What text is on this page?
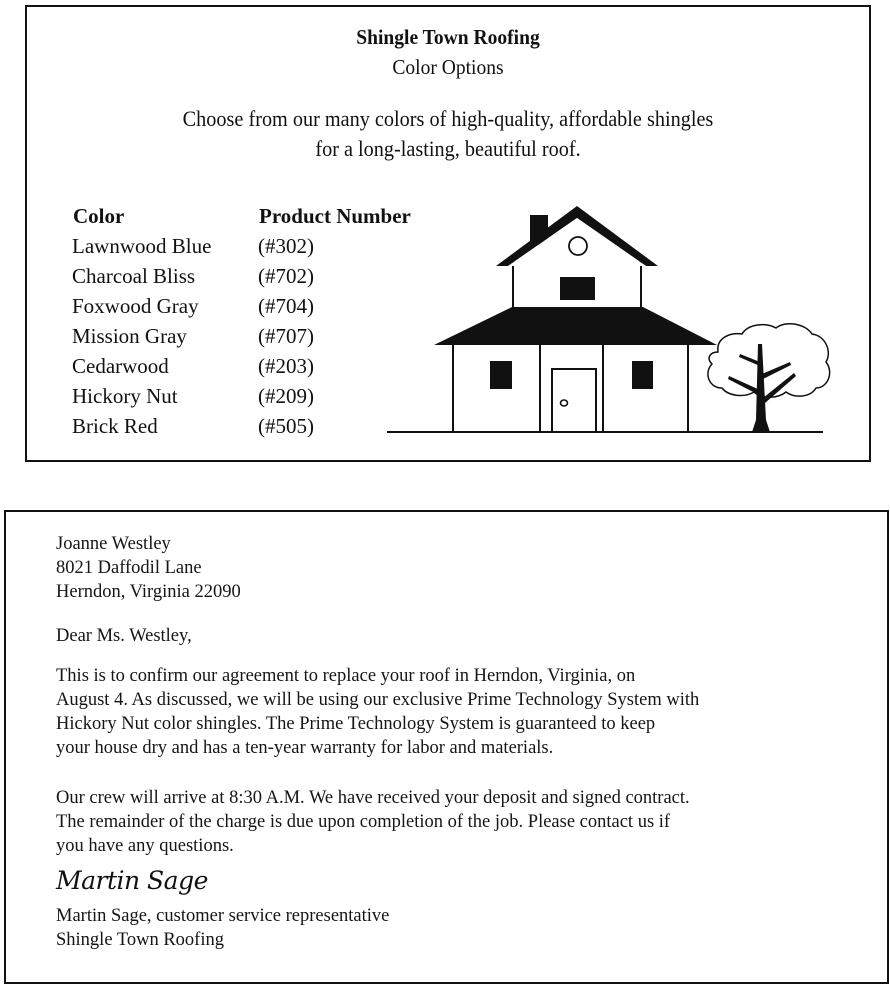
Shingle Town Roofing
Color Options
Choose from our many colors of high-quality, affordable shingles
for a long-lasting, beautiful roof.
Color	Product Number
Lawnwood Blue (#302)
Charcoal Bliss	(#702)
Foxwood Gray	(#704)
Mission Gray	(#707)
Cedarwood	(#203)
Hickory Nut	(#209)
Brick Red	(#505)
Joanne Westley
8021 Daffodil Lane
Herndon, Virginia 22090
Dear Ms. Westley,
This is to confirm our agreement to replace your roof in Herndon, Virginia, on
August 4. As discussed, we will be using our exclusive Prime Technology System with
Hickory Nut color shingles. The Prime Technology System is guaranteed to keep
your house dry and has a ten-year warranty for labor and materials.
Our crew will arrive at 8:30 A.M. We have received your deposit and signed contract.
The remainder of the charge is due upon completion of the job. Please contact us if
you have any questions.
Martin Sage
Martin Sage, customer service representative
Shingle Town Roofing
